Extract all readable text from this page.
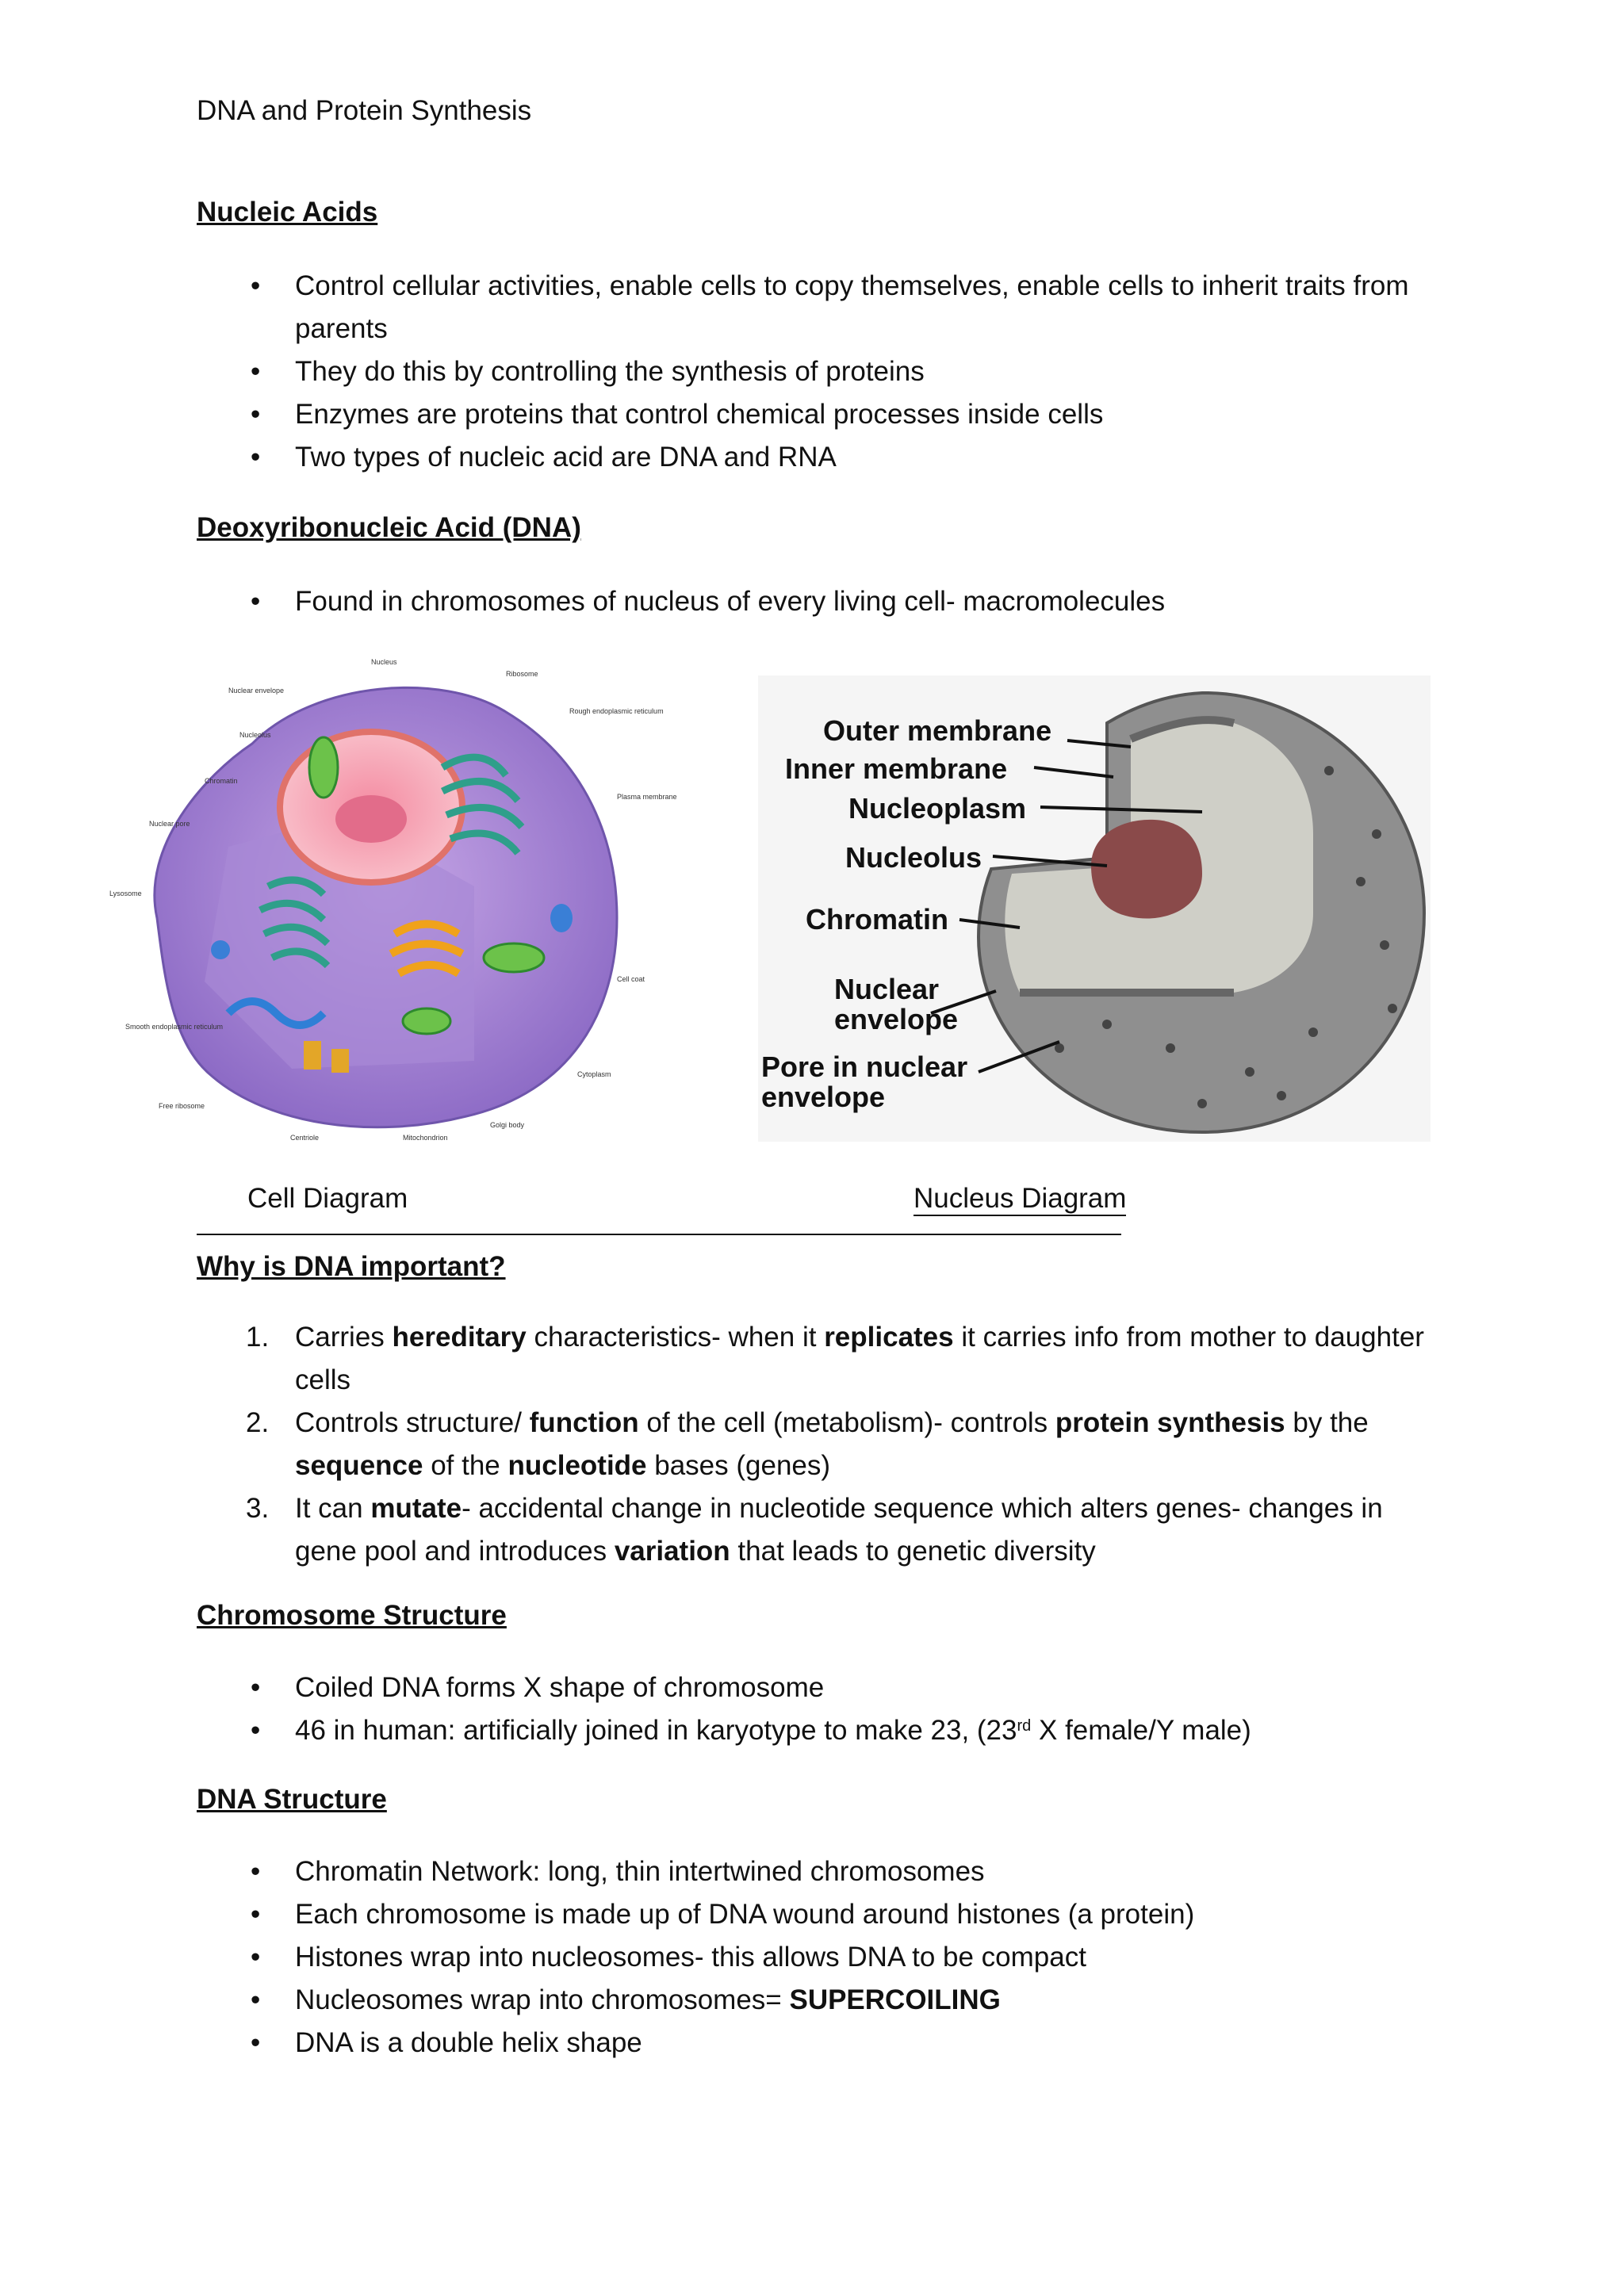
DNA and Protein Synthesis
Nucleic Acids
• Control cellular activities, enable cells to copy themselves, enable cells to inherit traits from parents
• They do this by controlling the synthesis of proteins
• Enzymes are proteins that control chemical processes inside cells
• Two types of nucleic acid are DNA and RNA
Deoxyribonucleic Acid (DNA)
• Found in chromosomes of nucleus of every living cell- macromolecules
Nucleus
Ribosome
Nuclear envelope
Rough endoplasmic reticulum
Nucleolus
Chromatin
Plasma membrane
Nuclear pore
Lysosome
Cell coat
Smooth endoplasmic reticulum
Cytoplasm
Free ribosome
Golgi body
Centriole	Mitochondrion
Outer membrane
Inner membrane
Nucleoplasm
Nucleolus
Chromatin
Nuclear
envelope
Pore in nuclear
envelope
Cell Diagram	Nucleus Diagram
Why is DNA important?
1. Carries hereditary characteristics- when it replicates it carries info from mother to daughter cells
2. Controls structure/ function of the cell (metabolism)- controls protein synthesis by the sequence of the nucleotide bases (genes)
3. It can mutate- accidental change in nucleotide sequence which alters genes- changes in gene pool and introduces variation that leads to genetic diversity
Chromosome Structure
• Coiled DNA forms X shape of chromosome
• 46 in human: artificially joined in karyotype to make 23, (23rd X female/Y male)
DNA Structure
• Chromatin Network: long, thin intertwined chromosomes
• Each chromosome is made up of DNA wound around histones (a protein)
• Histones wrap into nucleosomes- this allows DNA to be compact
• Nucleosomes wrap into chromosomes= SUPERCOILING
• DNA is a double helix shape
